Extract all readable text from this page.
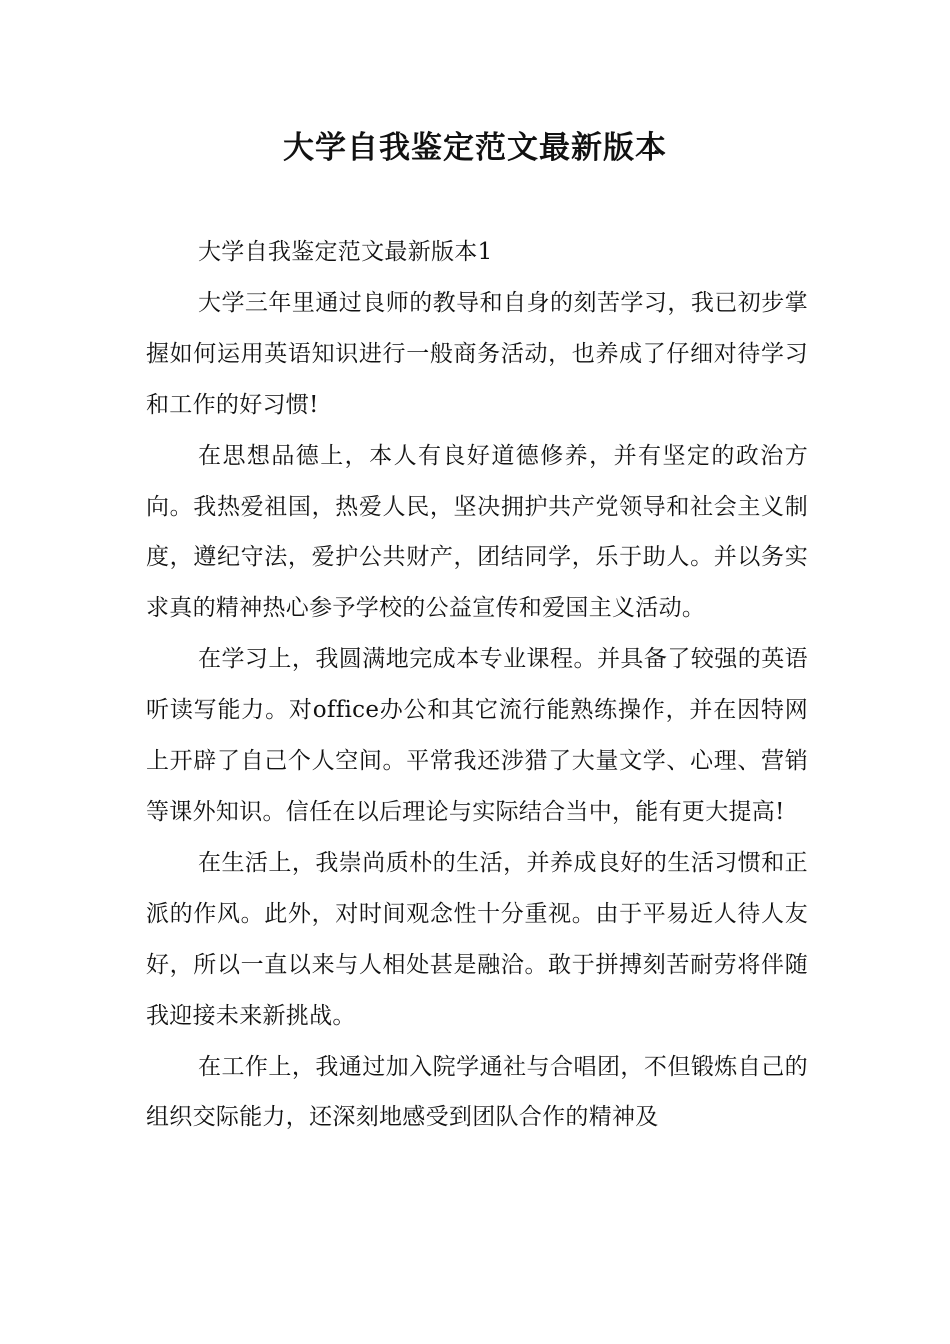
大学自我鉴定范文最新版本

大学自我鉴定范文最新版本1

大学三年里通过良师的教导和自身的刻苦学习，我已初步掌握如何运用英语知识进行一般商务活动，也养成了仔细对待学习和工作的好习惯!

在思想品德上，本人有良好道德修养，并有坚定的政治方向。我热爱祖国，热爱人民，坚决拥护共产党领导和社会主义制度，遵纪守法，爱护公共财产，团结同学，乐于助人。并以务实求真的精神热心参予学校的公益宣传和爱国主义活动。

在学习上，我圆满地完成本专业课程。并具备了较强的英语听读写能力。对office办公和其它流行能熟练操作，并在因特网上开辟了自己个人空间。平常我还涉猎了大量文学、心理、营销等课外知识。信任在以后理论与实际结合当中，能有更大提高!

在生活上，我崇尚质朴的生活，并养成良好的生活习惯和正派的作风。此外，对时间观念性十分重视。由于平易近人待人友好，所以一直以来与人相处甚是融洽。敢于拼搏刻苦耐劳将伴随我迎接未来新挑战。

在工作上，我通过加入院学通社与合唱团，不但锻炼自己的组织交际能力，还深刻地感受到团队合作的精神及
